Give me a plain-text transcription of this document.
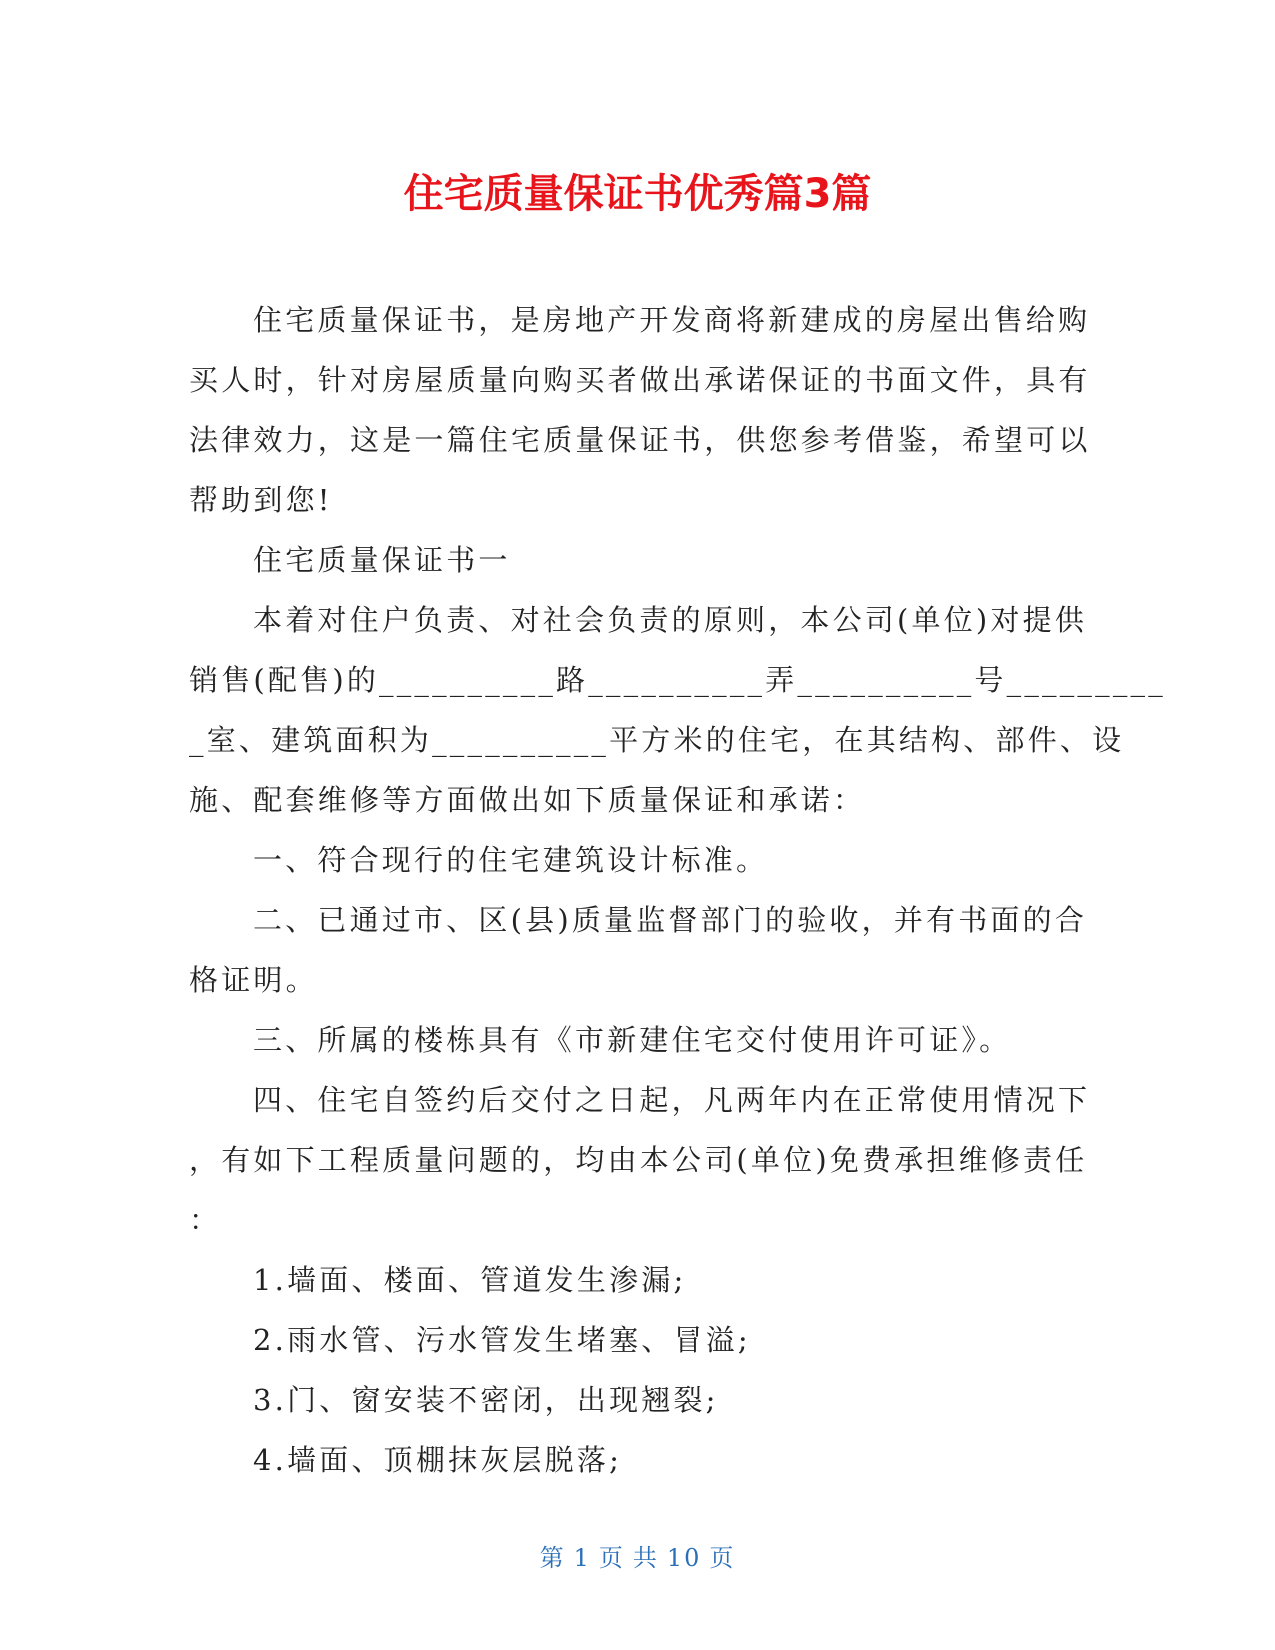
住宅质量保证书优秀篇3篇

住宅质量保证书，是房地产开发商将新建成的房屋出售给购

买人时，针对房屋质量向购买者做出承诺保证的书面文件，具有
法律效力，这是一篇住宅质量保证书，供您参考借鉴，希望可以
帮助到您!

住宅质量保证书一

本着对住户负责、对社会负责的原则，本公司(单位)对提供

销售(配售)的__________路__________弄__________号_________
_室、建筑面积为__________平方米的住宅，在其结构、部件、设
施、配套维修等方面做出如下质量保证和承诺：

一、符合现行的住宅建筑设计标准。

二、已通过市、区(县)质量监督部门的验收，并有书面的合

格证明。

三、所属的楼栋具有《市新建住宅交付使用许可证》。

四、住宅自签约后交付之日起，凡两年内在正常使用情况下

，有如下工程质量问题的，均由本公司(单位)免费承担维修责任
：

1.墙面、楼面、管道发生渗漏;

2.雨水管、污水管发生堵塞、冒溢;

3.门、窗安装不密闭，出现翘裂;

4.墙面、顶棚抹灰层脱落;

第 1 页 共 10 页
